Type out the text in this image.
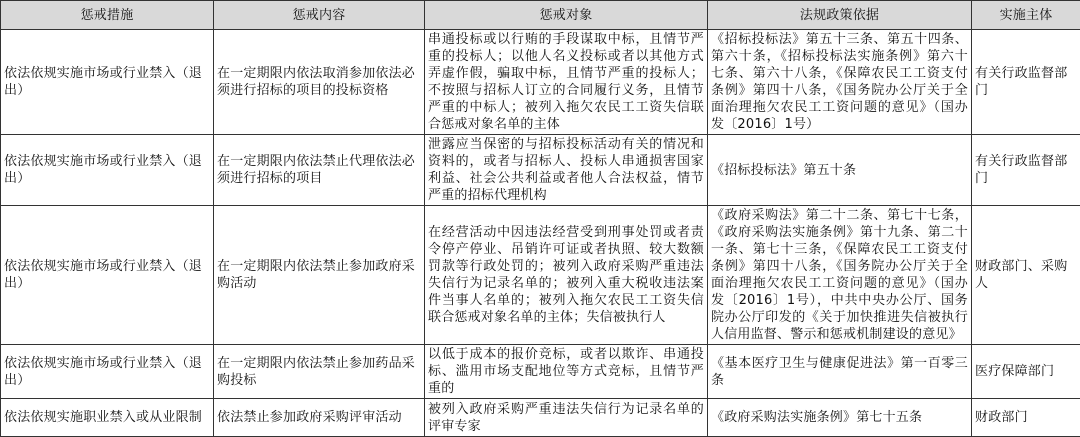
惩戒措施	惩戒内容	惩戒对象	法规政策依据	实施主体
依法依规实施市场或行业禁入（退出）	在一定期限内依法取消参加依法必须进行招标的项目的投标资格	串通投标或以行贿的手段谋取中标，且情节严重的投标人；以他人名义投标或者以其他方式弄虚作假，骗取中标，且情节严重的投标人；不按照与招标人订立的合同履行义务，且情节严重的中标人；被列入拖欠农民工工资失信联合惩戒对象名单的主体	《招标投标法》第五十三条、第五十四条、第六十条，《招标投标法实施条例》第六十七条、第六十八条，《保障农民工工资支付条例》第四十八条，《国务院办公厅关于全面治理拖欠农民工工资问题的意见》（国办发〔2016〕1号）	有关行政监督部门
依法依规实施市场或行业禁入（退出）	在一定期限内依法禁止代理依法必须进行招标的项目	泄露应当保密的与招标投标活动有关的情况和资料的，或者与招标人、投标人串通损害国家利益、社会公共利益或者他人合法权益，情节严重的招标代理机构	《招标投标法》第五十条	有关行政监督部门
依法依规实施市场或行业禁入（退出）	在一定期限内依法禁止参加政府采购活动	在经营活动中因违法经营受到刑事处罚或者责令停产停业、吊销许可证或者执照、较大数额罚款等行政处罚的；被列入政府采购严重违法失信行为记录名单的；被列入重大税收违法案件当事人名单的；被列入拖欠农民工工资失信联合惩戒对象名单的主体；失信被执行人	《政府采购法》第二十二条、第七十七条，《政府采购法实施条例》第十九条、第二十一条、第七十三条，《保障农民工工资支付条例》第四十八条，《国务院办公厅关于全面治理拖欠农民工工资问题的意见》（国办发〔2016〕1号），中共中央办公厅、国务院办公厅印发的《关于加快推进失信被执行人信用监督、警示和惩戒机制建设的意见》	财政部门、采购人
依法依规实施市场或行业禁入（退出）	在一定期限内依法禁止参加药品采购投标	以低于成本的报价竞标，或者以欺诈、串通投标、滥用市场支配地位等方式竞标，且情节严重的	《基本医疗卫生与健康促进法》第一百零三条	医疗保障部门
依法依规实施职业禁入或从业限制	依法禁止参加政府采购评审活动	被列入政府采购严重违法失信行为记录名单的评审专家	《政府采购法实施条例》第七十五条	财政部门
